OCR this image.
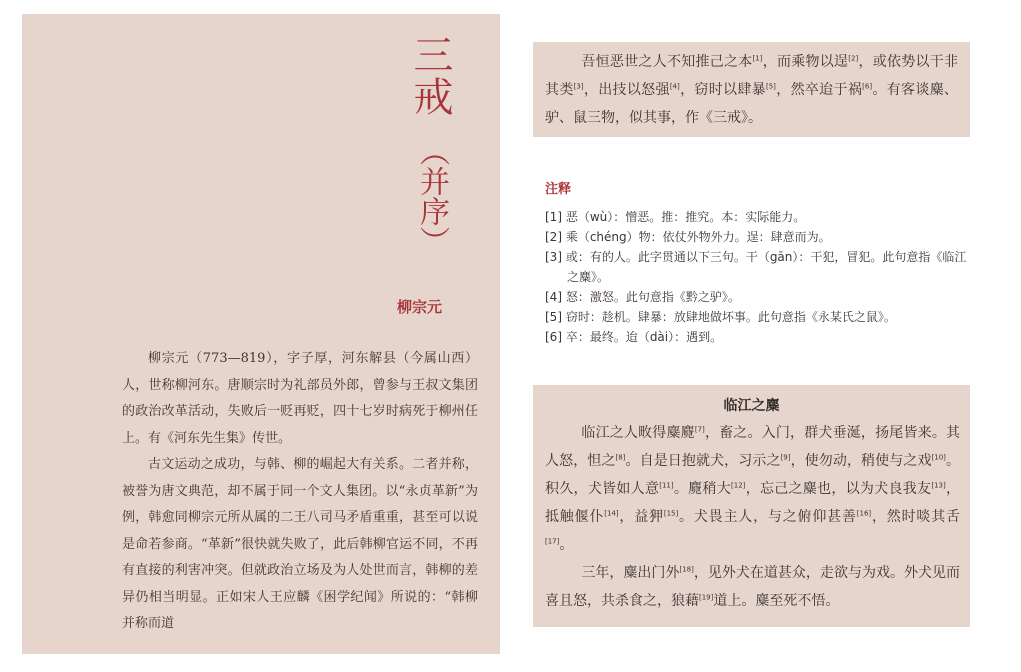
三戒
（并序）
柳宗元

柳宗元（773—819），字子厚，河东解县（今属山西）人，世称柳河东。唐顺宗时为礼部员外郎，曾参与王叔文集团的政治改革活动，失败后一贬再贬，四十七岁时病死于柳州任上。有《河东先生集》传世。

古文运动之成功，与韩、柳的崛起大有关系。二者并称，被誉为唐文典范，却不属于同一个文人集团。以“永贞革新”为例，韩愈同柳宗元所从属的二王八司马矛盾重重，甚至可以说是命若参商。“革新”很快就失败了，此后韩柳官运不同，不再有直接的利害冲突。但就政治立场及为人处世而言，韩柳的差异仍相当明显。正如宋人王应麟《困学纪闻》所说的：“韩柳并称而道

吾恒恶世之人不知推己之本[1]，而乘物以逞[2]，或依势以干非其类[3]，出技以怒强[4]，窃时以肆暴[5]，然卒迨于祸[6]。有客谈麋、驴、鼠三物，似其事，作《三戒》。

注释
[1] 恶（wù）：憎恶。推：推究。本：实际能力。
[2] 乘（chéng）物：依仗外物外力。逞：肆意而为。
[3] 或：有的人。此字贯通以下三句。干（gān）：干犯，冒犯。此句意指《临江之麋》。
[4] 怒：激怒。此句意指《黔之驴》。
[5] 窃时：趁机。肆暴：放肆地做坏事。此句意指《永某氏之鼠》。
[6] 卒：最终。迨（dài）：遇到。
临江之麋

临江之人畋得麋麑[7]，畜之。入门，群犬垂涎，扬尾皆来。其人怒，怛之[8]。自是日抱就犬，习示之[9]，使勿动，稍使与之戏[10]。积久，犬皆如人意[11]。麑稍大[12]，忘己之麋也，以为犬良我友[13]，抵触偃仆[14]，益狎[15]。犬畏主人，与之俯仰甚善[16]，然时啖其舌[17]。

三年，麋出门外[18]，见外犬在道甚众，走欲与为戏。外犬见而喜且怒，共杀食之，狼藉[19]道上。麋至死不悟。
